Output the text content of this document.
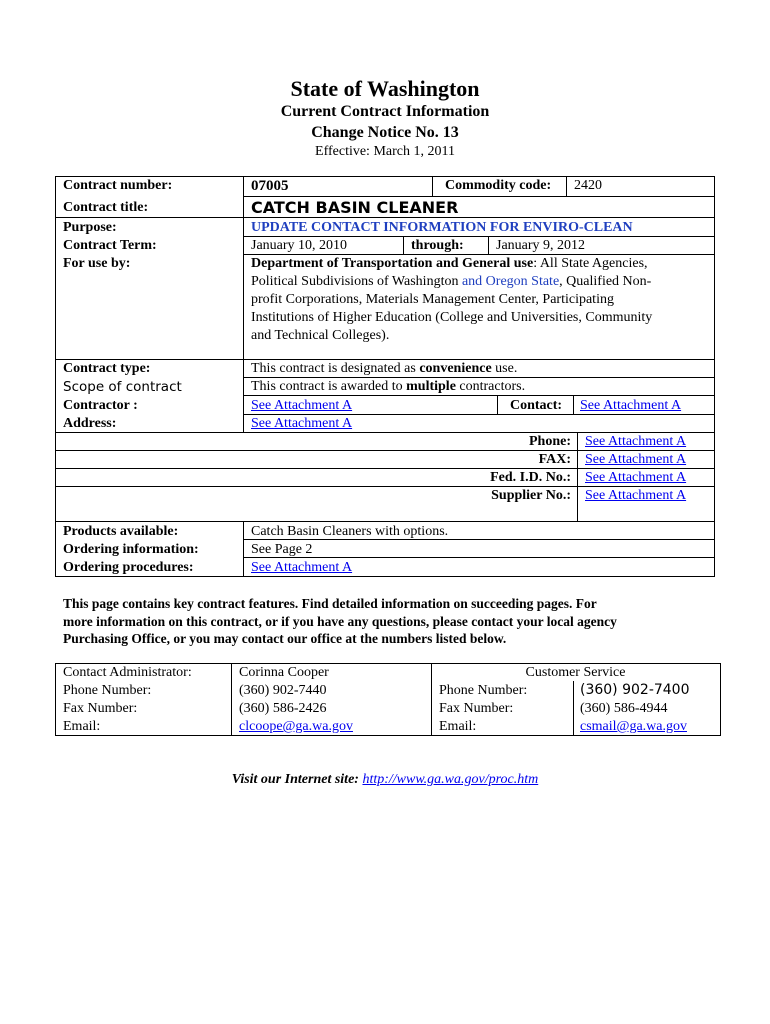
State of Washington
Current Contract Information
Change Notice No. 13
Effective: March 1, 2011
Contract number:	07005	Commodity code: 2420
Contract title:	CATCH BASIN CLEANER
Purpose:	UPDATE CONTACT INFORMATION FOR ENVIRO-CLEAN
Contract Term:	January 10, 2010	through: January 9, 2012
For use by:	Department of Transportation and General use: All State Agencies,
Political Subdivisions of Washington and Oregon State, Qualified Non-
profit Corporations, Materials Management Center, Participating
Institutions of Higher Education (College and Universities, Community
and Technical Colleges).
Contract type:	This contract is designated as convenience use.
Scope of contract	This contract is awarded to multiple contractors.
Contractor :	See Attachment A	Contact: See Attachment A
Address:	See Attachment A
Phone: See Attachment A
FAX: See Attachment A
Fed. I.D. No.: See Attachment A
Supplier No.: See Attachment A
Products available:	Catch Basin Cleaners with options.
Ordering information:	See Page 2
Ordering procedures:	See Attachment A
This page contains key contract features. Find detailed information on succeeding pages. For
more information on this contract, or if you have any questions, please contact your local agency
Purchasing Office, or you may contact our office at the numbers listed below.
Contact Administrator:	Corinna Cooper	Customer Service
Phone Number:	(360) 902-7440	Phone Number:	(360) 902-7400
Fax Number:	(360) 586-2426	Fax Number:	(360) 586-4944
Email:	clcoope@ga.wa.gov	Email:	csmail@ga.wa.gov
Visit our Internet site: http://www.ga.wa.gov/proc.htm
